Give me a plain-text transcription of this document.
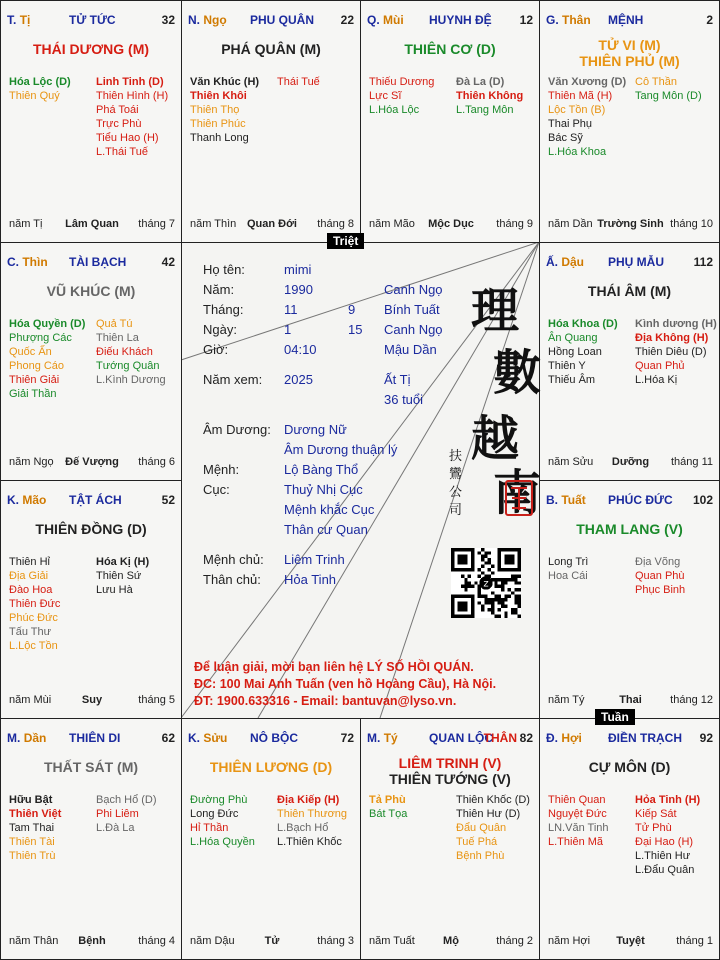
T. Tị	TỬ TỨC	32
THÁI DƯƠNG (M)
Hóa Lộc (D)
Thiên Quý
Linh Tinh (D)
Thiên Hình (H)
Phá Toái
Trực Phù
Tiểu Hao (H)
L.Thái Tuế
năm Tị	Lâm Quan	tháng 7
N. Ngọ PHU QUÂN 22
PHÁ QUÂN (M)
Văn Khúc (H)
Thiên Khôi
Thiên Thọ
Thiên Phúc
Thanh Long
Thái Tuế
năm Thìn Quan Đới	tháng 8
Q. Mùi HUYNH ĐỆ 12
THIÊN CƠ (D)
Thiếu Dương
Lực Sĩ
L.Hóa Lộc
Đà La (D)
Thiên Không
L.Tang Môn
năm Mão	Mộc Dục	tháng 9
G. Thân MỆNH	2
TỬ VI (M)
THIÊN PHỦ (M)
Văn Xương (D)
Thiên Mã (H)
Lộc Tồn (B)
Thai Phụ
Bác Sỹ
L.Hóa Khoa
Cô Thần
Tang Môn (D)
năm Dần Trường Sinh tháng 10
C. Thìn TÀI BẠCH	42
VŨ KHÚC (M)
Hóa Quyền (D)
Phượng Các
Quốc Ấn
Phong Cáo
Thiên Giải
Giải Thần
Quả Tú
Thiên La
Điếu Khách
Tướng Quân
L.Kình Dương
năm Ngọ	Đế Vượng	tháng 6
Ấ. Dậu PHỤ MẪU 112
THÁI ÂM (M)
Hóa Khoa (D)
Ân Quang
Hồng Loan
Thiên Y
Thiếu Âm
Kình dương (H)
Địa Không (H)
Thiên Diêu (D)
Quan Phủ
L.Hóa Kị
năm Sửu	Dưỡng	tháng 11
K. Mão TẬT ÁCH	52
THIÊN ĐỒNG (D)
Thiên Hỉ
Địa Giải
Đào Hoa
Thiên Đức
Phúc Đức
Tấu Thư
L.Lộc Tồn
Hóa Kị (H)
Thiên Sứ
Lưu Hà
năm Mùi	Suy	tháng 5
B. Tuất PHÚC ĐỨC 102
THAM LANG (V)
Long Trì
Hoa Cái
Địa Võng
Quan Phù
Phục Binh
năm Tý	Thai	tháng 12
M. Dần THIÊN DI	62
THẤT SÁT (M)
Hữu Bật
Thiên Việt
Tam Thai
Thiên Tài
Thiên Trù
Bạch Hổ (D)
Phi Liêm
L.Đà La
năm Thân	Bệnh	tháng 4
K. Sửu NÔ BỘC	72
THIÊN LƯƠNG (D)
Đường Phù
Long Đức
Hỉ Thần
L.Hóa Quyền
Địa Kiếp (H)
Thiên Thương
L.Bạch Hổ
L.Thiên Khốc
năm Dậu	Tử	tháng 3
M. Tý	QUAN LỘC
THÂN 82
LIÊM TRINH (V)
THIÊN TƯỚNG (V)
Tả Phù
Bát Tọa
Thiên Khốc (D)
Thiên Hư (D)
Đẩu Quân
Tuế Phá
Bệnh Phù
năm Tuất	Mộ	tháng 2
Đ. Hợi ĐIỀN TRẠCH 92
CỰ MÔN (D)
Thiên Quan
Nguyệt Đức
LN.Văn Tinh
L.Thiên Mã
Hỏa Tinh (H)
Kiếp Sát
Tử Phù
Đại Hao (H)
L.Thiên Hư
L.Đẩu Quân
năm Hợi	Tuyệt	tháng 1
Họ tên:	mimi
Năm:	1990	Canh Ngọ
Tháng:	11	9 Bính Tuất
Ngày:	1	15 Canh Ngọ
Giờ:	04:10	Mậu Dần
Năm xem: 2025	Ất Tị
36 tuổi
Âm Dương: Dương Nữ
Âm Dương thuận lý
Mệnh:	Lộ Bàng Thổ
Cục:	Thuỷ Nhị Cục
Mệnh khắc Cục
Thân cư Quan
Mệnh chủ: Liêm Trinh
Thân chủ: Hỏa Tinh
理
數
越
南
扶鸞公司
z
Triệt
Tuần
Để luận giải, mời bạn liên hệ LÝ SỐ HỒI QUÁN.
ĐC: 100 Mai Anh Tuấn (ven hồ Hoàng Cầu), Hà Nội.
ĐT: 1900.633316 - Email: bantuvan@lyso.vn.
